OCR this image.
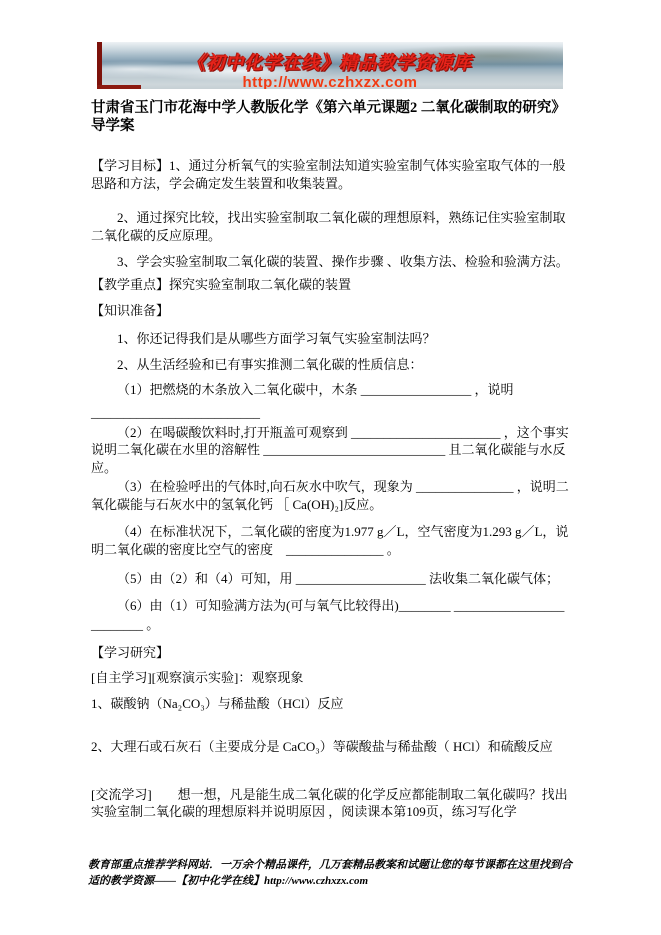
《初中化学在线》精品教学资源库
http://www.czhxzx.com
甘肃省玉门市花海中学人教版化学《第六单元课题2 二氧化碳制取的研究》导学案

【学习目标】1、通过分析氧气的实验室制法知道实验室制气体实验室取气体的一般思路和方法，学会确定发生装置和收集装置。

2、通过探究比较，找出实验室制取二氧化碳的理想原料，熟练记住实验室制取二氧化碳的反应原理。

3、学会实验室制取二氧化碳的装置、操作步骤 、收集方法、检验和验满方法。

【教学重点】探究实验室制取二氧化碳的装置

【知识准备】

1、你还记得我们是从哪些方面学习氧气实验室制法吗？

2、从生活经验和已有事实推测二氧化碳的性质信息：

（1）把燃烧的木条放入二氧化碳中，木条 _________________ ，说明

__________________________

（2）在喝碳酸饮料时,打开瓶盖可观察到 _______________________ ，这个事实说明二氧化碳在水里的溶解性 ____________________________ 且二氧化碳能与水反应。

（3）在检验呼出的气体时,向石灰水中吹气，现象为 _______________ ，说明二氧化碳能与石灰水中的氢氧化钙 ［ Ca(OH)₂]反应。

（4）在标准状况下，二氧化碳的密度为1.977 g／L，空气密度为1.293 g／L，说明二氧化碳的密度比空气的密度　_______________ 。

（5）由（2）和（4）可知，用 ____________________ 法收集二氧化碳气体；

（6）由（1）可知验满方法为(可与氧气比较得出)________ _________________

________ 。

【学习研究】

[自主学习][观察演示实验]：观察现象

1、碳酸钠（Na₂CO₃）与稀盐酸（HCl）反应

2、大理石或石灰石（主要成分是 CaCO₃）等碳酸盐与稀盐酸（ HCl）和硫酸反应

[交流学习]　　想一想，凡是能生成二氧化碳的化学反应都能制取二氧化碳吗？找出实验室制二氧化碳的理想原料并说明原因 ，阅读课本第109页，练习写化学

教育部重点推荐学科网站．一万余个精品课件，几万套精品教案和试题让您的每节课都在这里找到合适的教学资源——【初中化学在线】http://www.czhxzx.com
